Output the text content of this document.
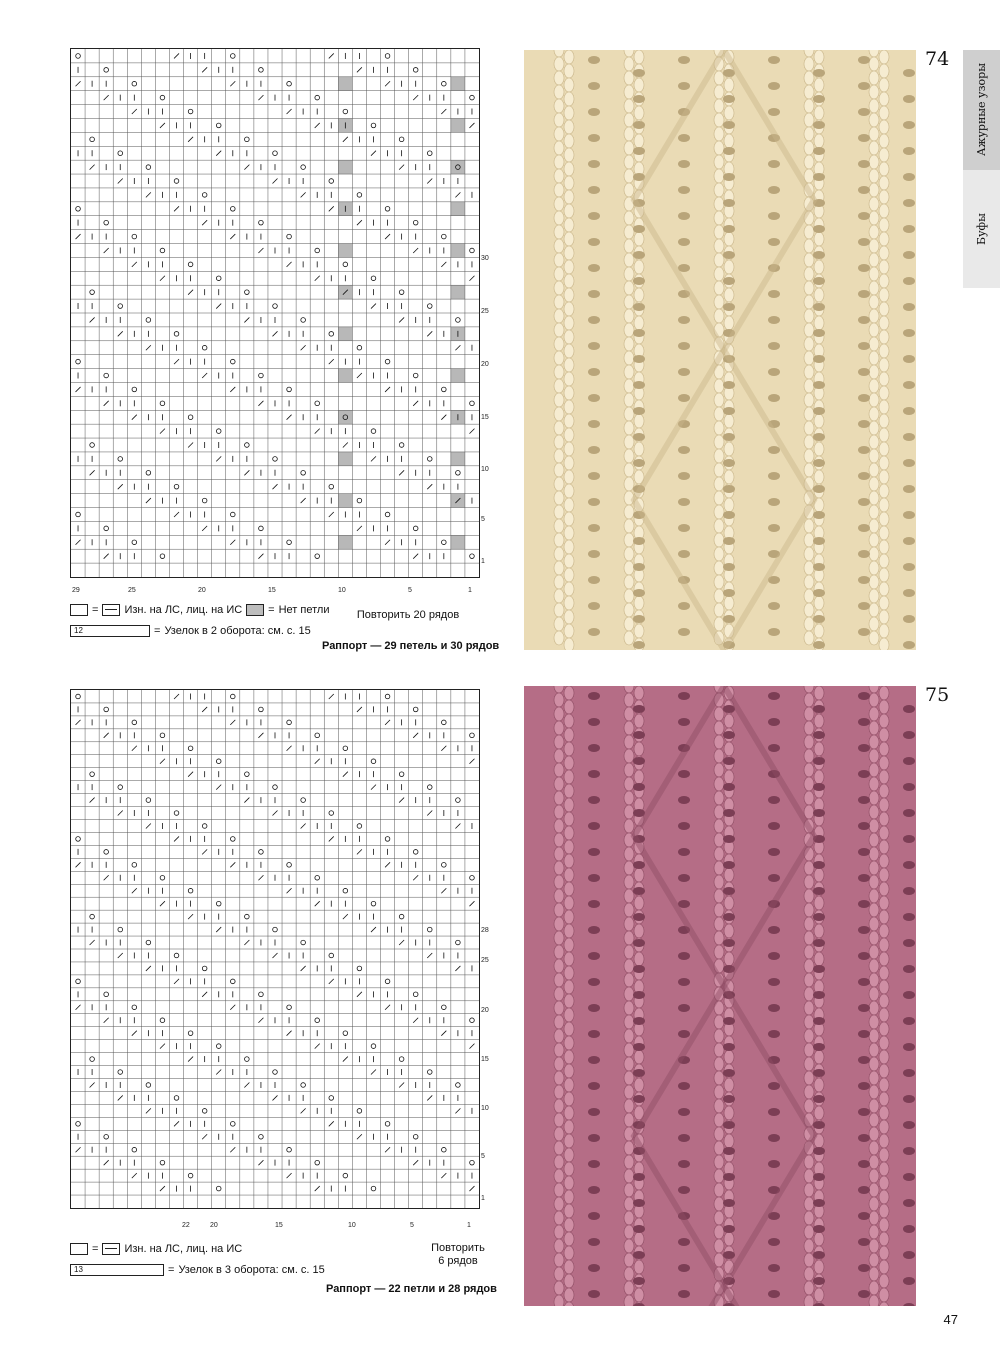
30
25
20
15
10
5
1
29	25	20	15	10	5	1
Повторить 20 рядов
= Изн. на ЛС, лиц. на ИС = Нет петли
12	= Узелок в 2 оборота: см. с. 15
Раппорт — 29 петель и 30 рядов
74
28
25
20
15
10
5
1
22	20	15	10	5	1
Повторить
6 рядов
= Изн. на ЛС, лиц. на ИС
13	= Узелок в 3 оборота: см. с. 15
Раппорт — 22 петли и 28 рядов
75
Ажурные узоры
Буфы
47
